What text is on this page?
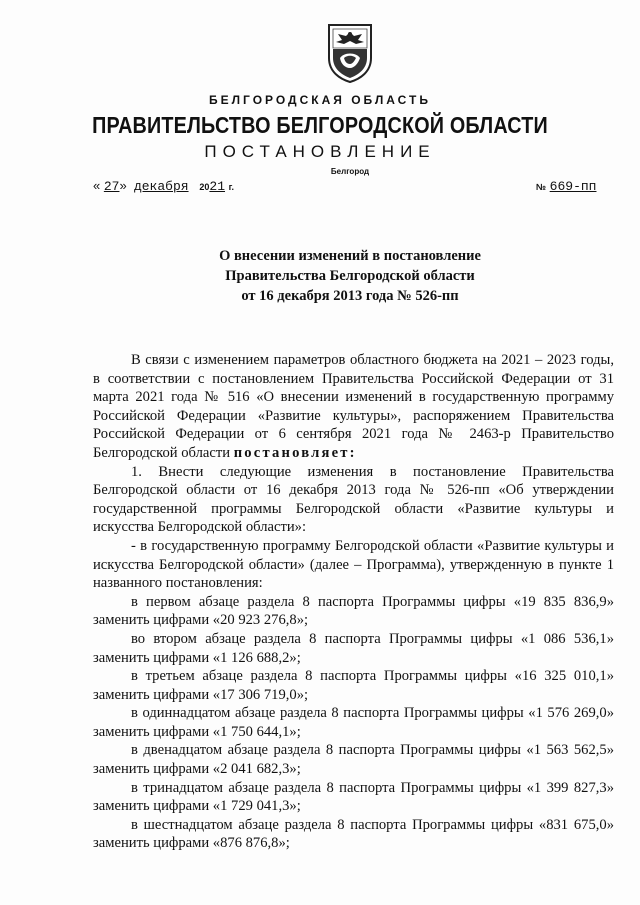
БЕЛГОРОДСКАЯ ОБЛАСТЬ
ПРАВИТЕЛЬСТВО БЕЛГОРОДСКОЙ ОБЛАСТИ
ПОСТАНОВЛЕНИЕ
Белгород
« 27» декабря 2021 г.	№ 669-пп
О внесении изменений в постановление
Правительства Белгородской области
от 16 декабря 2013 года № 526-пп

В связи с изменением параметров областного бюджета на 2021 – 2023 годы, в соответствии с постановлением Правительства Российской Федерации от 31 марта 2021 года № 516 «О внесении изменений в государственную программу Российской Федерации «Развитие культуры», распоряжением Правительства Российской Федерации от 6 сентября 2021 года № 2463-р Правительство Белгородской области постановляет:

1. Внести следующие изменения в постановление Правительства Белгородской области от 16 декабря 2013 года № 526-пп «Об утверждении государственной программы Белгородской области «Развитие культуры и искусства Белгородской области»:

- в государственную программу Белгородской области «Развитие культуры и искусства Белгородской области» (далее – Программа), утвержденную в пункте 1 названного постановления:

в первом абзаце раздела 8 паспорта Программы цифры «19 835 836,9» заменить цифрами «20 923 276,8»;

во втором абзаце раздела 8 паспорта Программы цифры «1 086 536,1» заменить цифрами «1 126 688,2»;

в третьем абзаце раздела 8 паспорта Программы цифры «16 325 010,1» заменить цифрами «17 306 719,0»;

в одиннадцатом абзаце раздела 8 паспорта Программы цифры «1 576 269,0» заменить цифрами «1 750 644,1»;

в двенадцатом абзаце раздела 8 паспорта Программы цифры «1 563 562,5» заменить цифрами «2 041 682,3»;

в тринадцатом абзаце раздела 8 паспорта Программы цифры «1 399 827,3» заменить цифрами «1 729 041,3»;

в шестнадцатом абзаце раздела 8 паспорта Программы цифры «831 675,0» заменить цифрами «876 876,8»;
